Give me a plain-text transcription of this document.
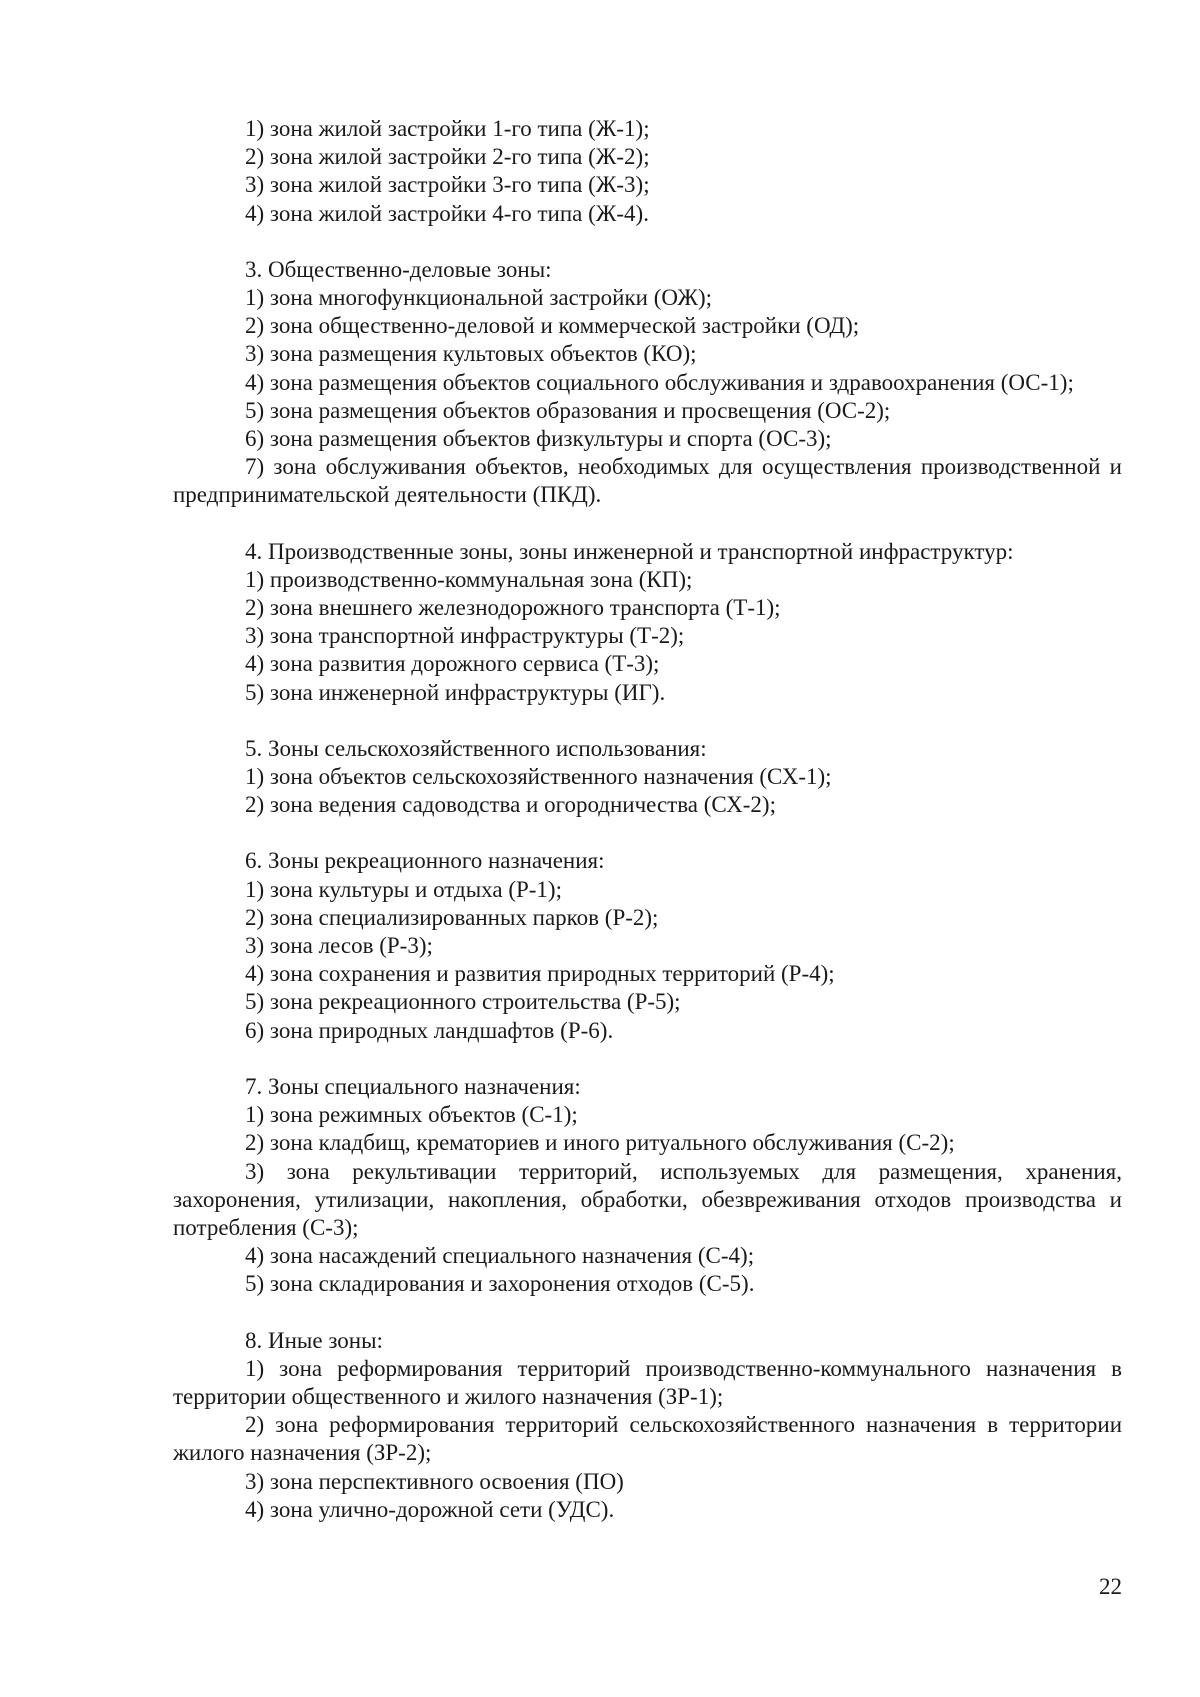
1) зона жилой застройки 1-го типа (Ж-1);

2) зона жилой застройки 2-го типа (Ж-2);

3) зона жилой застройки 3-го типа (Ж-3);

4) зона жилой застройки 4-го типа (Ж-4).

3. Общественно-деловые зоны:

1) зона многофункциональной застройки (ОЖ);

2) зона общественно-деловой и коммерческой застройки (ОД);

3) зона размещения культовых объектов (КО);

4) зона размещения объектов социального обслуживания и здравоохранения (ОС-1);

5) зона размещения объектов образования и просвещения (ОС-2);

6) зона размещения объектов физкультуры и спорта (ОС-3);

7) зона обслуживания объектов, необходимых для осуществления производственной и предпринимательской деятельности (ПКД).

4. Производственные зоны, зоны инженерной и транспортной инфраструктур:

1) производственно-коммунальная зона (КП);

2) зона внешнего железнодорожного транспорта (Т-1);

3) зона транспортной инфраструктуры (Т-2);

4) зона развития дорожного сервиса (Т-3);

5) зона инженерной инфраструктуры (ИГ).

5. Зоны сельскохозяйственного использования:

1) зона объектов сельскохозяйственного назначения (СХ-1);

2) зона ведения садоводства и огородничества (СХ-2);

6. Зоны рекреационного назначения:

1) зона культуры и отдыха (Р-1);

2) зона специализированных парков (Р-2);

3) зона лесов (Р-3);

4) зона сохранения и развития природных территорий (Р-4);

5) зона рекреационного строительства (Р-5);

6) зона природных ландшафтов (Р-6).

7. Зоны специального назначения:

1) зона режимных объектов (С-1);

2) зона кладбищ, крематориев и иного ритуального обслуживания (С-2);

3) зона рекультивации территорий, используемых для размещения, хранения, захоронения, утилизации, накопления, обработки, обезвреживания отходов производства и потребления (С-3);

4) зона насаждений специального назначения (С-4);

5) зона складирования и захоронения отходов (С-5).

8. Иные зоны:

1) зона реформирования территорий производственно-коммунального назначения в территории общественного и жилого назначения (ЗР-1);

2) зона реформирования территорий сельскохозяйственного назначения в территории жилого назначения (ЗР-2);

3) зона перспективного освоения (ПО)

4) зона улично-дорожной сети (УДС).

22
